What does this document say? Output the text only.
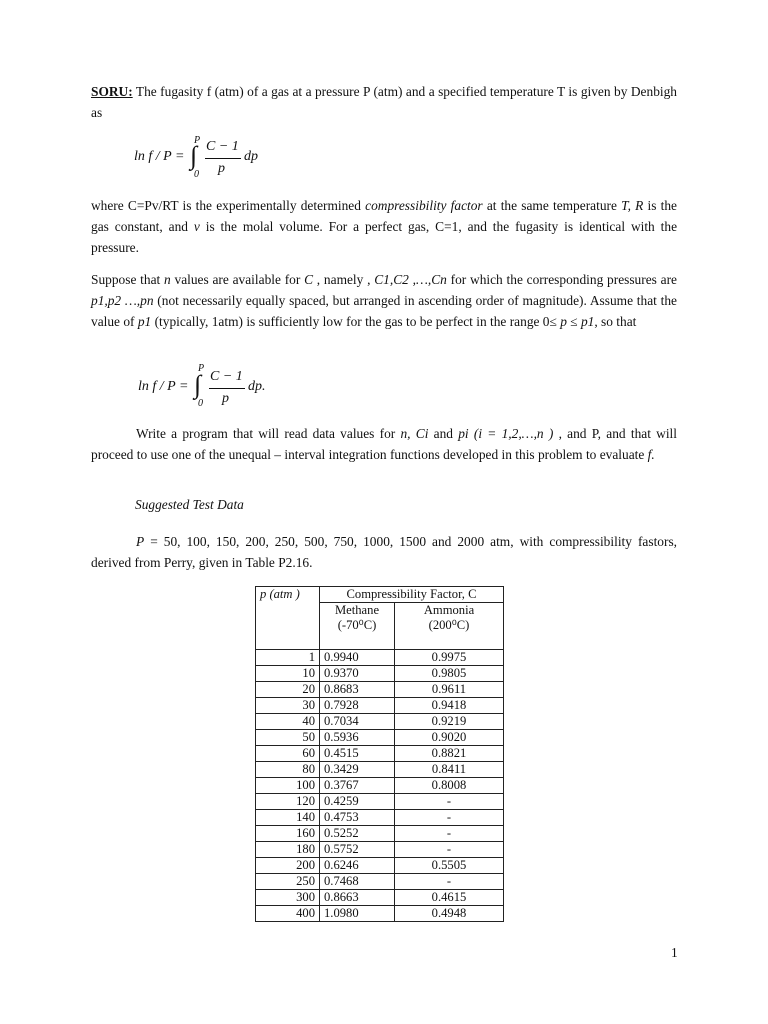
SORU: The fugasity f (atm) of a gas at a pressure P (atm) and a specified temperature T is given by Denbigh as

ln f / P =
P
∫
0
C − 1
p
dp

where C=Pv/RT is the experimentally determined compressibility factor at the same temperature T, R is the gas constant, and v is the molal volume. For a perfect gas, C=1, and the fugasity is identical with the pressure.

Suppose that n values are available for C , namely , C1,C2 ,…,Cn for which the corresponding pressures are p1,p2 …,pn (not necessarily equally spaced, but arranged in ascending order of magnitude). Assume that the value of p1 (typically, 1atm) is sufficiently low for the gas to be perfect in the range 0≤ p ≤ p1, so that

ln f / P =
P
∫
0
C − 1
p
dp.

Write a program that will read data values for n, Ci and pi (i = 1,2,…,n ) , and P, and that will proceed to use one of the unequal – interval integration functions developed in this problem to evaluate f.

Suggested Test Data

P = 50, 100, 150, 200, 250, 500, 750, 1000, 1500 and 2000 atm, with compressibility fastors, derived from Perry, given in Table P2.16.

p (atm )	Compressibility Factor, C	
	Methane
(-70⁰C)	Ammonia
(200⁰C)
1	0.9940	0.9975
10	0.9370	0.9805
20	0.8683	0.9611
30	0.7928	0.9418
40	0.7034	0.9219
50	0.5936	0.9020
60	0.4515	0.8821
80	0.3429	0.8411
100	0.3767	0.8008
120	0.4259	-
140	0.4753	-
160	0.5252	-
180	0.5752	-
200	0.6246	0.5505
250	0.7468	-
300	0.8663	0.4615
400	1.0980	0.4948
1
